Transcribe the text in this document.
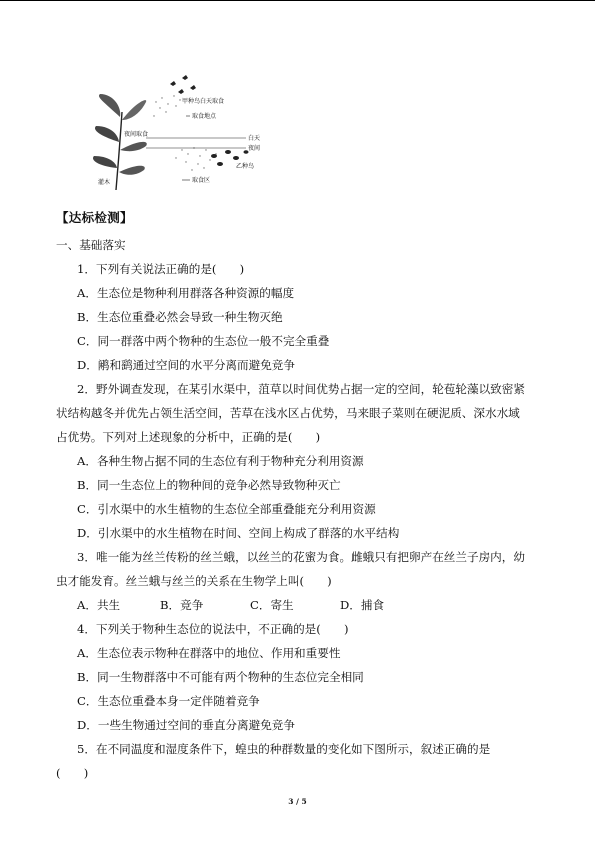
甲种鸟白天取食
取食地点
白天
夜间
乙种鸟
夜间取食
取食区
灌木
【达标检测】
一、基础落实
1．下列有关说法正确的是(　　)
A．生态位是物种利用群落各种资源的幅度
B．生态位重叠必然会导致一种生物灭绝
C．同一群落中两个物种的生态位一般不完全重叠
D．鹇和鹞通过空间的水平分离而避免竞争
2．野外调查发现，在某引水渠中，菹草以时间优势占据一定的空间，轮苞轮藻以致密紧
状结构越冬并优先占领生活空间，苦草在浅水区占优势，马来眼子菜则在硬泥质、深水水域
占优势。下列对上述现象的分析中，正确的是(　　)
A．各种生物占据不同的生态位有利于物种充分利用资源
B．同一生态位上的物种间的竞争必然导致物种灭亡
C．引水渠中的水生植物的生态位全部重叠能充分利用资源
D．引水渠中的水生植物在时间、空间上构成了群落的水平结构
3．唯一能为丝兰传粉的丝兰蛾，以丝兰的花蜜为食。雌蛾只有把卵产在丝兰子房内，幼
虫才能发育。丝兰蛾与丝兰的关系在生物学上叫(　　)
A．共生	B．竞争	C．寄生	D．捕食
4．下列关于物种生态位的说法中，不正确的是(　　)
A．生态位表示物种在群落中的地位、作用和重要性
B．同一生物群落中不可能有两个物种的生态位完全相同
C．生态位重叠本身一定伴随着竞争
D．一些生物通过空间的垂直分离避免竞争
5．在不同温度和湿度条件下，蝗虫的种群数量的变化如下图所示，叙述正确的是
(　　)
3 / 5
